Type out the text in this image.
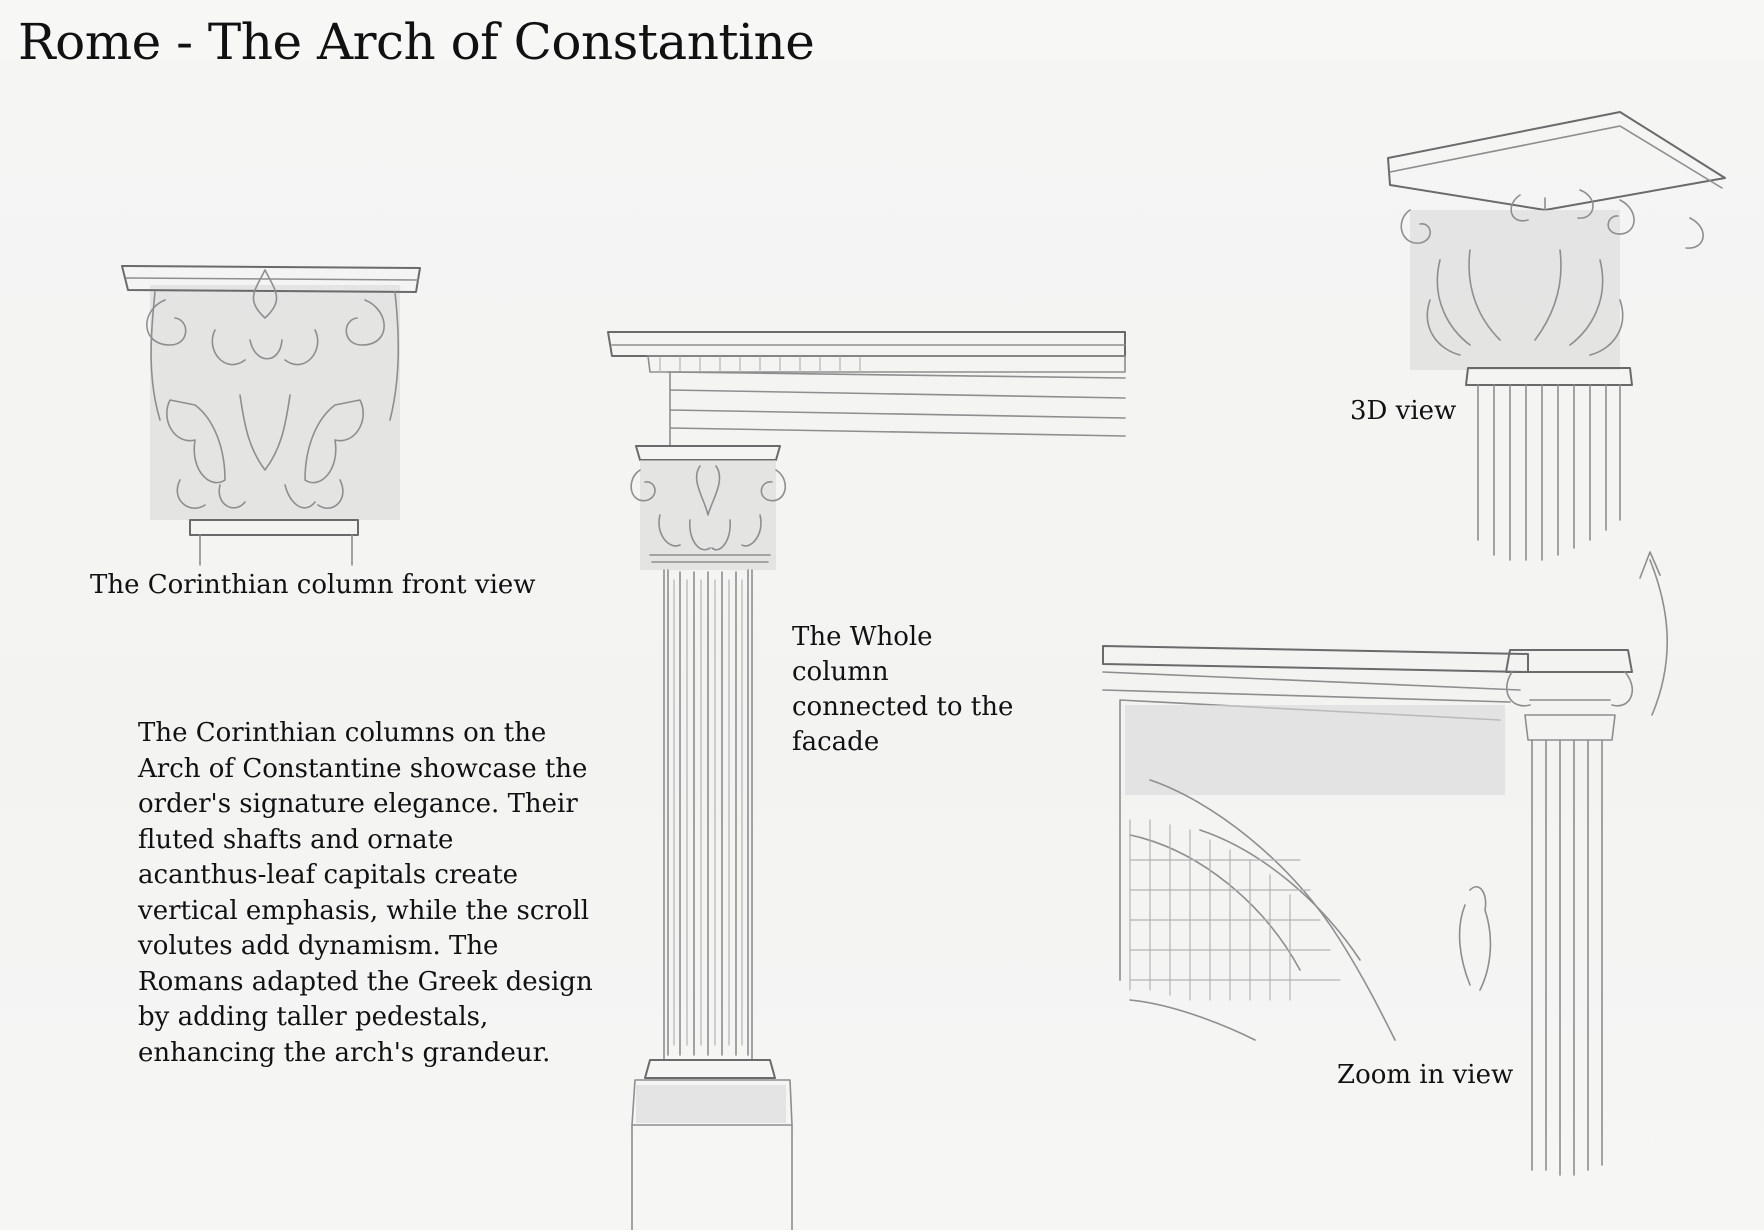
Rome - The Arch of Constantine
The Corinthian column front view
The Whole
column
connected to the
facade
3D view
Zoom in view
The Corinthian columns on the
Arch of Constantine showcase the
order's signature elegance. Their
fluted shafts and ornate
acanthus-leaf capitals create
vertical emphasis, while the scroll
volutes add dynamism. The
Romans adapted the Greek design
by adding taller pedestals,
enhancing the arch's grandeur.
